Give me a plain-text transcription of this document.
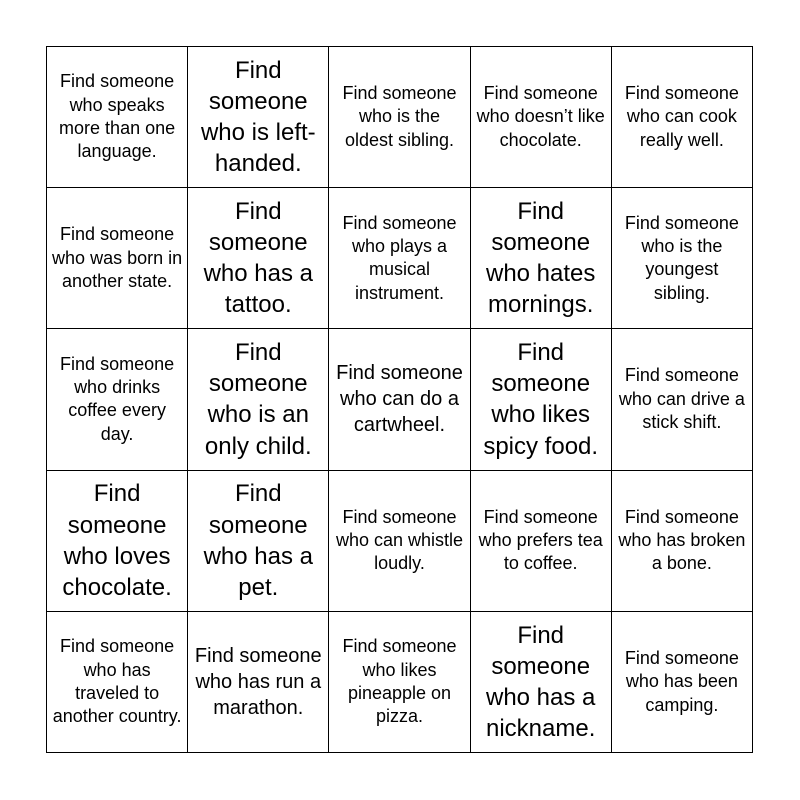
Find someone who speaks more than one language.
Find someone who is left-handed.
Find someone who is the oldest sibling.
Find someone who doesn’t like chocolate.
Find someone who can cook really well.
Find someone who was born in another state.
Find someone who has a tattoo.
Find someone who plays a musical instrument.
Find someone who hates mornings.
Find someone who is the youngest sibling.
Find someone who drinks coffee every day.
Find someone who is an only child.
Find someone who can do a cartwheel.
Find someone who likes spicy food.
Find someone who can drive a stick shift.
Find someone who loves chocolate.
Find someone who has a pet.
Find someone who can whistle loudly.
Find someone who prefers tea to coffee.
Find someone who has broken a bone.
Find someone who has traveled to another country.
Find someone who has run a marathon.
Find someone who likes pineapple on pizza.
Find someone who has a nickname.
Find someone who has been camping.
